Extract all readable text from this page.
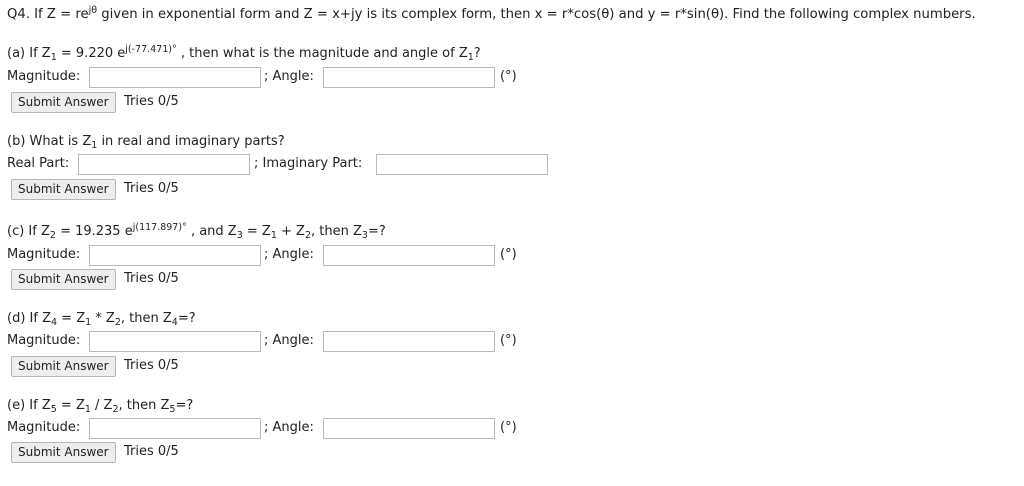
Q4. If $Z = re^{j\theta}$ given in exponential form and Z = x+jy is its complex form, then x = r*cos(θ) and y = r*sin(θ). Find the following complex numbers.
(a) If $Z_1 = 9.220$ $e^{j(-77.471)^\circ}$ , then what is the magnitude and angle of $Z_1$?
Magnitude:	; Angle:	(°)
Submit Answer	Tries 0/5
(b) What is $Z_1$ in real and imaginary parts?
Real Part:	; Imaginary Part:
Submit Answer	Tries 0/5
(c) If $Z_2 = 19.235$ $e^{j(117.897)^\circ}$ , and $Z_3 = Z_1 + Z_2$, then $Z_3=$?
Magnitude:	; Angle:	(°)
Submit Answer	Tries 0/5
(d) If $Z_4 = Z_1 * Z_2$, then $Z_4=$?
Magnitude:	; Angle:	(°)
Submit Answer	Tries 0/5
(e) If $Z_5 = Z_1 / Z_2$, then $Z_5=$?
Magnitude:	; Angle:	(°)
Submit Answer	Tries 0/5
